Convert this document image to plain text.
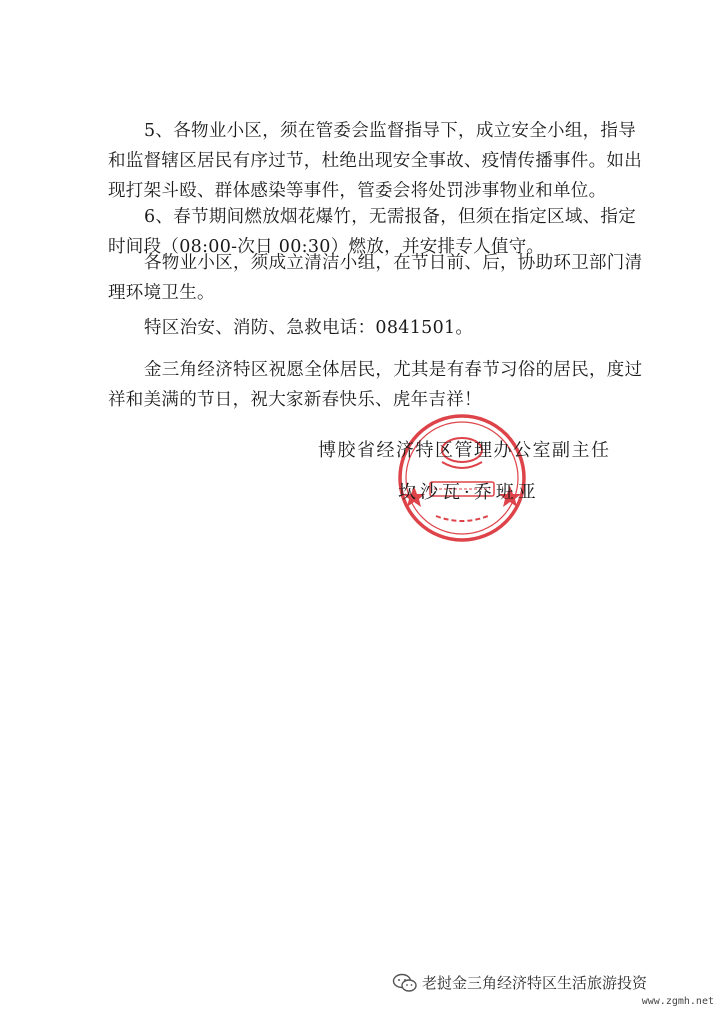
5、各物业小区，须在管委会监督指导下，成立安全小组，指导
和监督辖区居民有序过节，杜绝出现安全事故、疫情传播事件。如出
现打架斗殴、群体感染等事件，管委会将处罚涉事物业和单位。

6、春节期间燃放烟花爆竹，无需报备，但须在指定区域、指定
时间段（08:00-次日 00:30）燃放，并安排专人值守。

各物业小区，须成立清洁小组，在节日前、后，协助环卫部门清
理环境卫生。

特区治安、消防、急救电话：0841501。

金三角经济特区祝愿全体居民，尤其是有春节习俗的居民，度过
祥和美满的节日，祝大家新春快乐、虎年吉祥！

博胶省经济特区管理办公室副主任
坎沙瓦·乔班亚
老挝金三角经济特区生活旅游投资
www.zgmh.net
